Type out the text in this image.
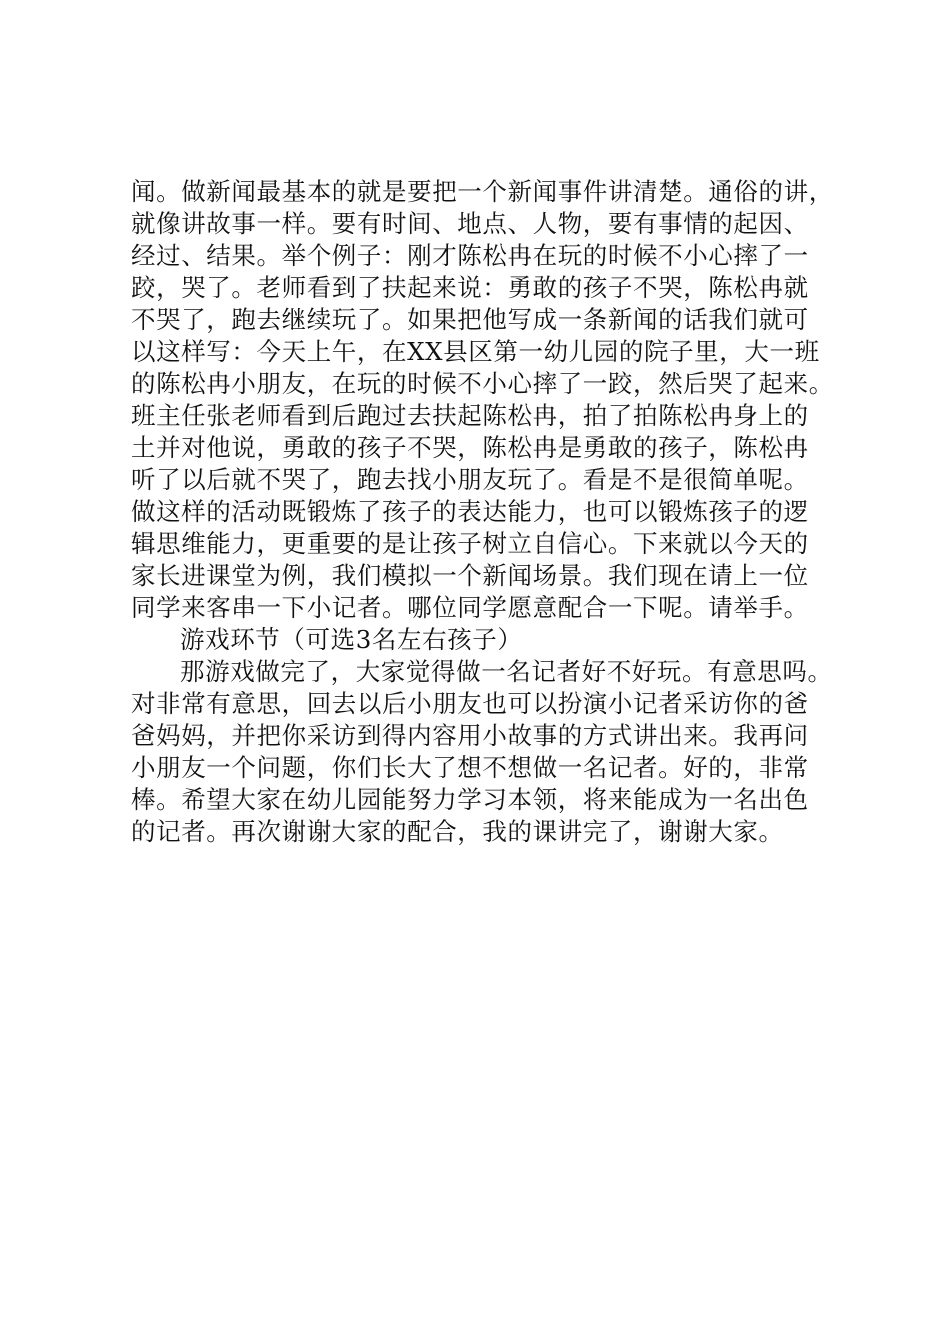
闻。做新闻最基本的就是要把一个新闻事件讲清楚。通俗的讲，
就像讲故事一样。要有时间、地点、人物，要有事情的起因、
经过、结果。举个例子：刚才陈松冉在玩的时候不小心摔了一
跤，哭了。老师看到了扶起来说：勇敢的孩子不哭，陈松冉就
不哭了，跑去继续玩了。如果把他写成一条新闻的话我们就可
以这样写：今天上午，在XX县区第一幼儿园的院子里，大一班
的陈松冉小朋友，在玩的时候不小心摔了一跤，然后哭了起来。
班主任张老师看到后跑过去扶起陈松冉，拍了拍陈松冉身上的
土并对他说，勇敢的孩子不哭，陈松冉是勇敢的孩子，陈松冉
听了以后就不哭了，跑去找小朋友玩了。看是不是很简单呢。
做这样的活动既锻炼了孩子的表达能力，也可以锻炼孩子的逻
辑思维能力，更重要的是让孩子树立自信心。下来就以今天的
家长进课堂为例，我们模拟一个新闻场景。我们现在请上一位
同学来客串一下小记者。哪位同学愿意配合一下呢。请举手。
游戏环节（可选3名左右孩子）
那游戏做完了，大家觉得做一名记者好不好玩。有意思吗。
对非常有意思，回去以后小朋友也可以扮演小记者采访你的爸
爸妈妈，并把你采访到得内容用小故事的方式讲出来。我再问
小朋友一个问题，你们长大了想不想做一名记者。好的，非常
棒。希望大家在幼儿园能努力学习本领，将来能成为一名出色
的记者。再次谢谢大家的配合，我的课讲完了，谢谢大家。
